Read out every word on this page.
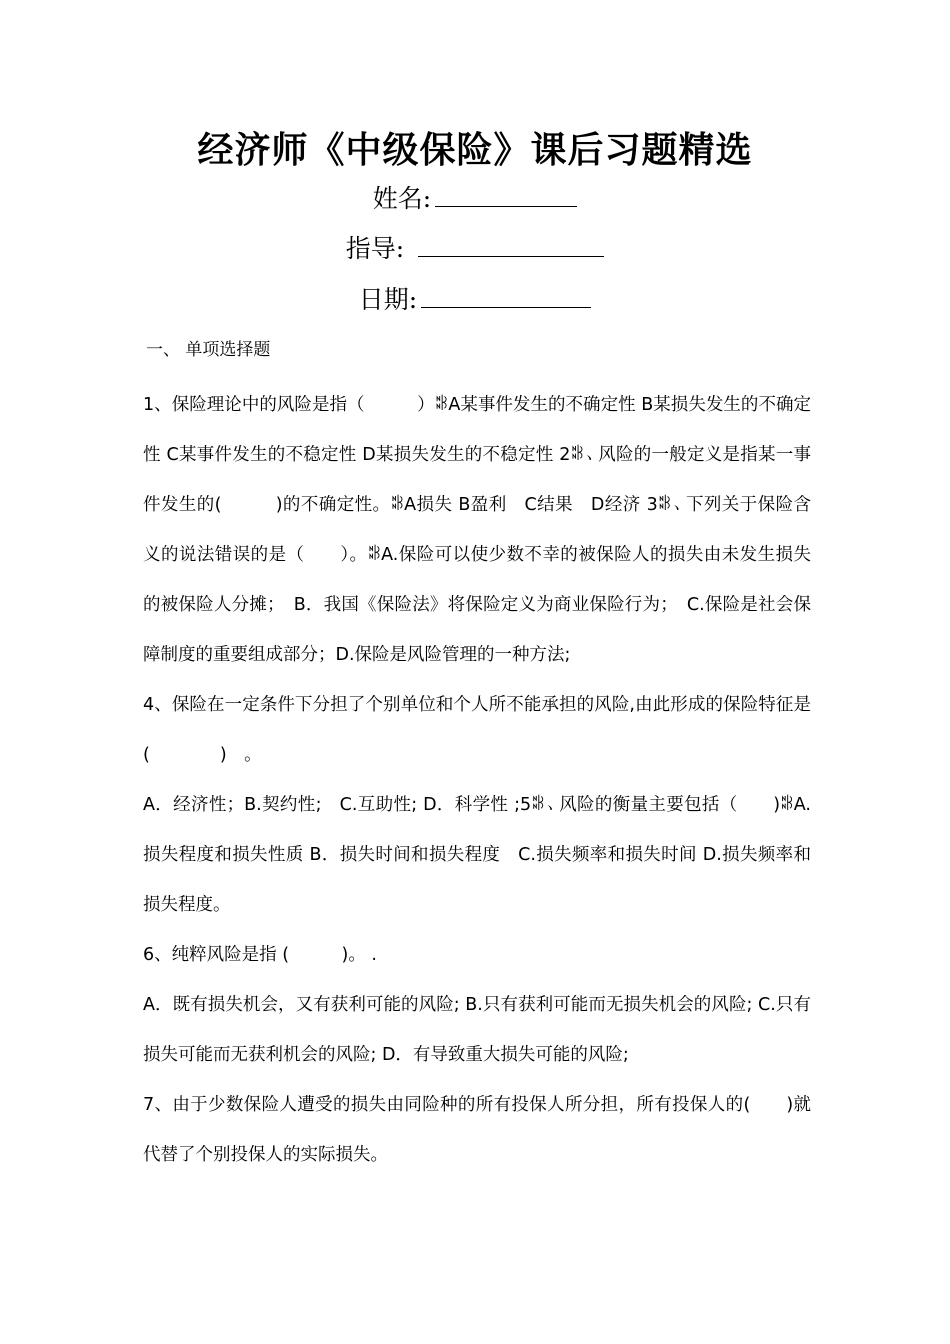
经济师《中级保险》课后习题精选
姓名:
指导:
日期:
一、 单项选择题

1、保险理论中的风险是指（　　　）ꄀA某事件发生的不确定性 B某损失发生的不确定性 C某事件发生的不稳定性 D某损失发生的不稳定性 2ꄀ、风险的一般定义是指某一事件发生的(　　　)的不确定性。ꄀA损失 B盈利　C结果　D经济 3ꄀ、下列关于保险含义的说法错误的是（　　）。ꄀA.保险可以使少数不幸的被保险人的损失由未发生损失的被保险人分摊；　B．我国《保险法》将保险定义为商业保险行为；　C.保险是社会保障制度的重要组成部分；D.保险是风险管理的一种方法;

4、保险在一定条件下分担了个别单位和个人所不能承担的风险,由此形成的保险特征是　(　　　　)　。

A．经济性；B.契约性;　C.互助性; D．科学性 ;5ꄀ、风险的衡量主要包括（　　)ꄀA.损失程度和损失性质 B．损失时间和损失程度　C.损失频率和损失时间 D.损失频率和损失程度。

6、纯粹风险是指 (　　　)。 .

A．既有损失机会，又有获利可能的风险; B.只有获利可能而无损失机会的风险; C.只有损失可能而无获利机会的风险; D．有导致重大损失可能的风险;

7、由于少数保险人遭受的损失由同险种的所有投保人所分担，所有投保人的(　　)就代替了个别投保人的实际损失。
